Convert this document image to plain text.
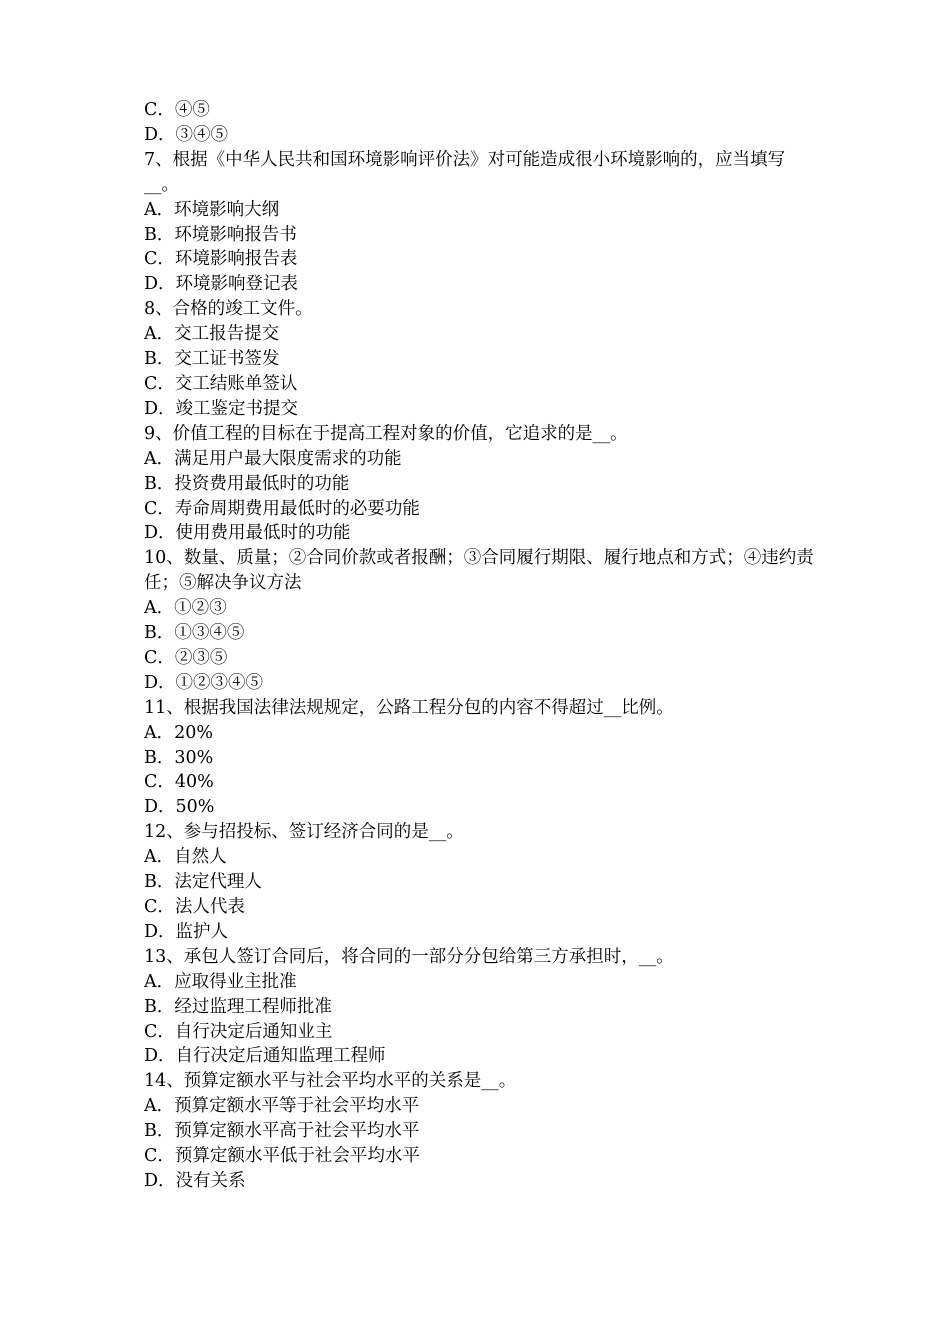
C．④⑤
D．③④⑤
7、根据《中华人民共和国环境影响评价法》对可能造成很小环境影响的，应当填写__。
A．环境影响大纲
B．环境影响报告书
C．环境影响报告表
D．环境影响登记表
8、合格的竣工文件。
A．交工报告提交
B．交工证书签发
C．交工结账单签认
D．竣工鉴定书提交
9、价值工程的目标在于提高工程对象的价值，它追求的是__。
A．满足用户最大限度需求的功能
B．投资费用最低时的功能
C．寿命周期费用最低时的必要功能
D．使用费用最低时的功能
10、数量、质量；②合同价款或者报酬；③合同履行期限、履行地点和方式；④违约责任；⑤解决争议方法
A．①②③
B．①③④⑤
C．②③⑤
D．①②③④⑤
11、根据我国法律法规规定，公路工程分包的内容不得超过__比例。
A．20%
B．30%
C．40%
D．50%
12、参与招投标、签订经济合同的是__。
A．自然人
B．法定代理人
C．法人代表
D．监护人
13、承包人签订合同后，将合同的一部分分包给第三方承担时，__。
A．应取得业主批准
B．经过监理工程师批准
C．自行决定后通知业主
D．自行决定后通知监理工程师
14、预算定额水平与社会平均水平的关系是__。
A．预算定额水平等于社会平均水平
B．预算定额水平高于社会平均水平
C．预算定额水平低于社会平均水平
D．没有关系
